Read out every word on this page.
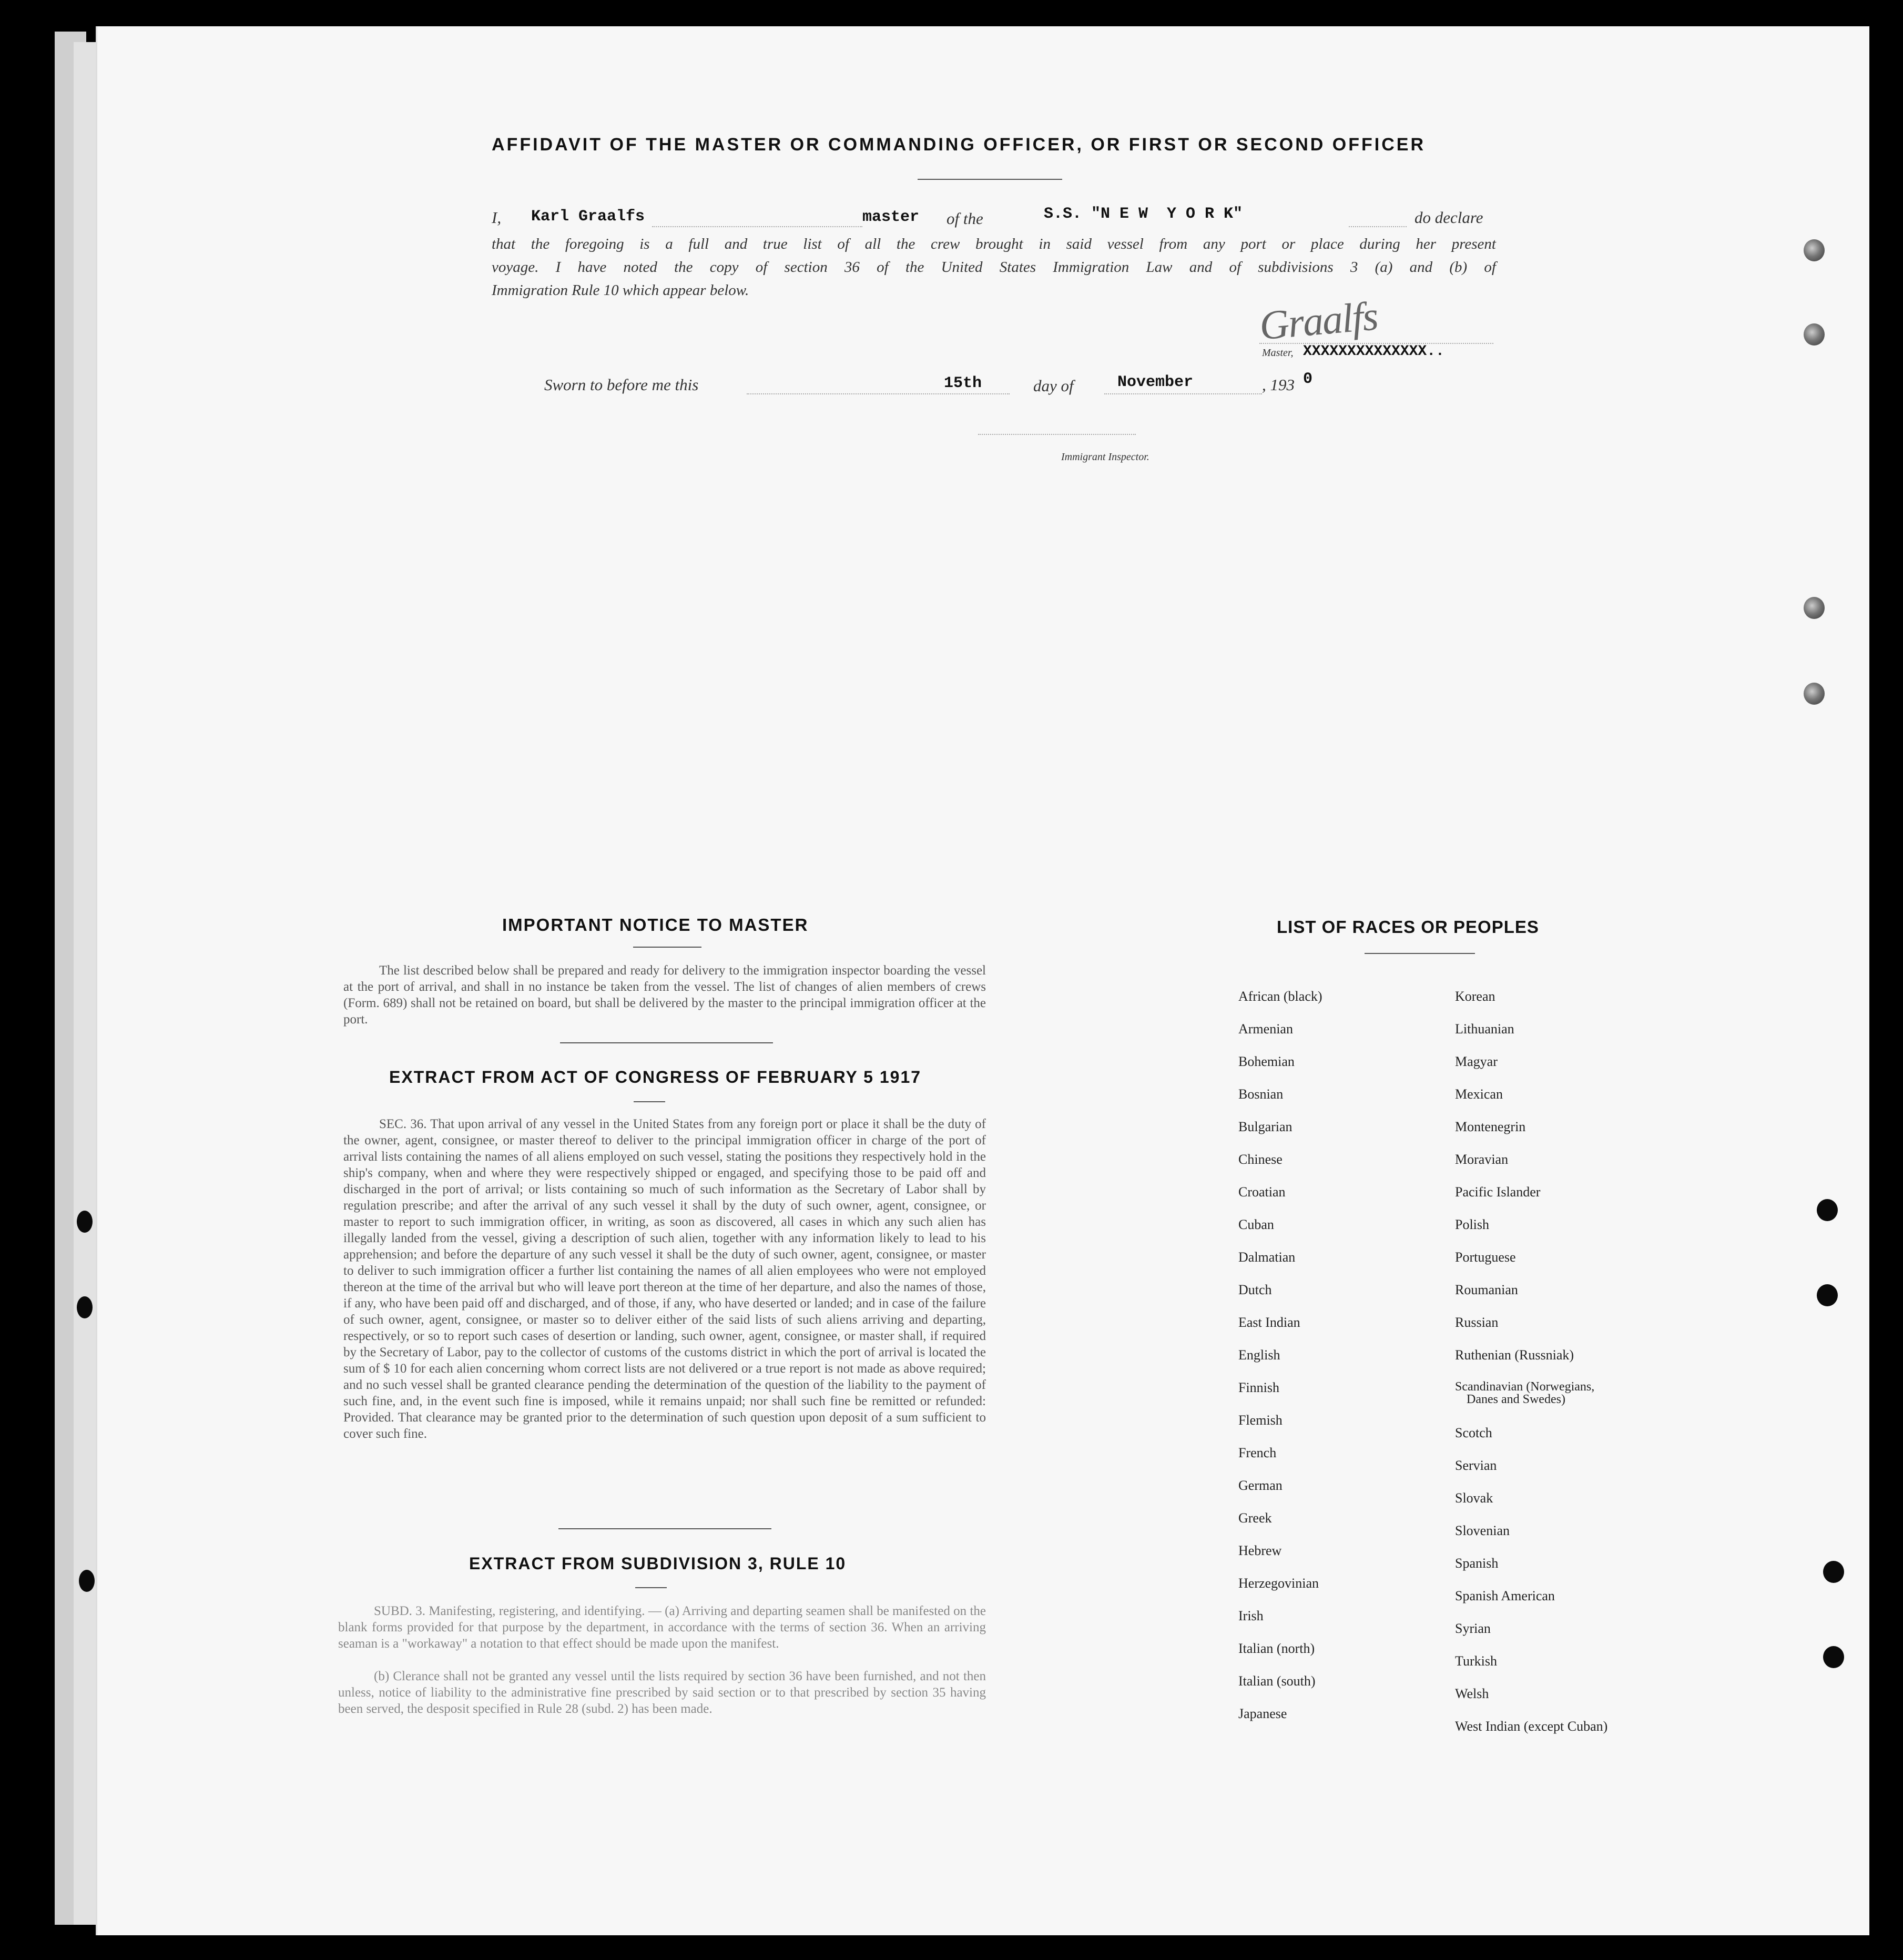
AFFIDAVIT OF THE MASTER OR COMMANDING OFFICER, OR FIRST OR SECOND OFFICER
I, Karl Graalfs	master of the	S.S. "N E W  Y O R K"	do declare
that the foregoing is a full and true list of all the crew brought in said vessel from any port or place during her present
voyage. I have noted the copy of section 36 of the United States Immigration Law and of subdivisions 3 (a) and (b) of
Immigration Rule 10 which appear below.
Graalfs
Master, XXXXXXXXXXXXXX..
Sworn to before me this	15th	day of	November	, 193 0
Immigrant Inspector.
IMPORTANT NOTICE TO MASTER
The list described below shall be prepared and ready for delivery to the immigration inspector boarding the vessel at the port of arrival, and shall in no instance be taken from the vessel. The list of changes of alien members of crews (Form. 689) shall not be retained on board, but shall be delivered by the master to the principal immigration officer at the port.
EXTRACT FROM ACT OF CONGRESS OF FEBRUARY 5 1917
SEC. 36. That upon arrival of any vessel in the United States from any foreign port or place it shall be the duty of the owner, agent, consignee, or master thereof to deliver to the principal immigration officer in charge of the port of arrival lists containing the names of all aliens employed on such vessel, stating the positions they respectively hold in the ship's company, when and where they were respectively shipped or engaged, and specifying those to be paid off and discharged in the port of arrival; or lists containing so much of such information as the Secretary of Labor shall by regulation prescribe; and after the arrival of any such vessel it shall by the duty of such owner, agent, consignee, or master to report to such immigration officer, in writing, as soon as discovered, all cases in which any such alien has illegally landed from the vessel, giving a description of such alien, together with any information likely to lead to his apprehension; and before the departure of any such vessel it shall be the duty of such owner, agent, consignee, or master to deliver to such immigration officer a further list containing the names of all alien employees who were not employed thereon at the time of the arrival but who will leave port thereon at the time of her departure, and also the names of those, if any, who have been paid off and discharged, and of those, if any, who have deserted or landed; and in case of the failure of such owner, agent, consignee, or master so to deliver either of the said lists of such aliens arriving and departing, respectively, or so to report such cases of desertion or landing, such owner, agent, consignee, or master shall, if required by the Secretary of Labor, pay to the collector of customs of the customs district in which the port of arrival is located the sum of $ 10 for each alien concerning whom correct lists are not delivered or a true report is not made as above required; and no such vessel shall be granted clearance pending the determination of the question of the liability to the payment of such fine, and, in the event such fine is imposed, while it remains unpaid; nor shall such fine be remitted or refunded: Provided. That clearance may be granted prior to the determination of such question upon deposit of a sum sufficient to cover such fine.
EXTRACT FROM SUBDIVISION 3, RULE 10
SUBD. 3. Manifesting, registering, and identifying. — (a) Arriving and departing seamen shall be manifested on the blank forms provided for that purpose by the department, in accordance with the terms of section 36. When an arriving seaman is a "workaway" a notation to that effect should be made upon the manifest.
(b) Clerance shall not be granted any vessel until the lists required by section 36 have been furnished, and not then unless, notice of liability to the administrative fine prescribed by said section or to that prescribed by section 35 having been served, the desposit specified in Rule 28 (subd. 2) has been made.
LIST OF RACES OR PEOPLES
African (black)
Armenian
Bohemian
Bosnian
Bulgarian
Chinese
Croatian
Cuban
Dalmatian
Dutch
East Indian
English
Finnish
Flemish
French
German
Greek
Hebrew
Herzegovinian
Irish
Italian (north)
Italian (south)
Japanese
Korean
Lithuanian
Magyar
Mexican
Montenegrin
Moravian
Pacific Islander
Polish
Portuguese
Roumanian
Russian
Ruthenian (Russniak)
Scandinavian (Norwegians,
Danes and Swedes)
Scotch
Servian
Slovak
Slovenian
Spanish
Spanish American
Syrian
Turkish
Welsh
West Indian (except Cuban)
